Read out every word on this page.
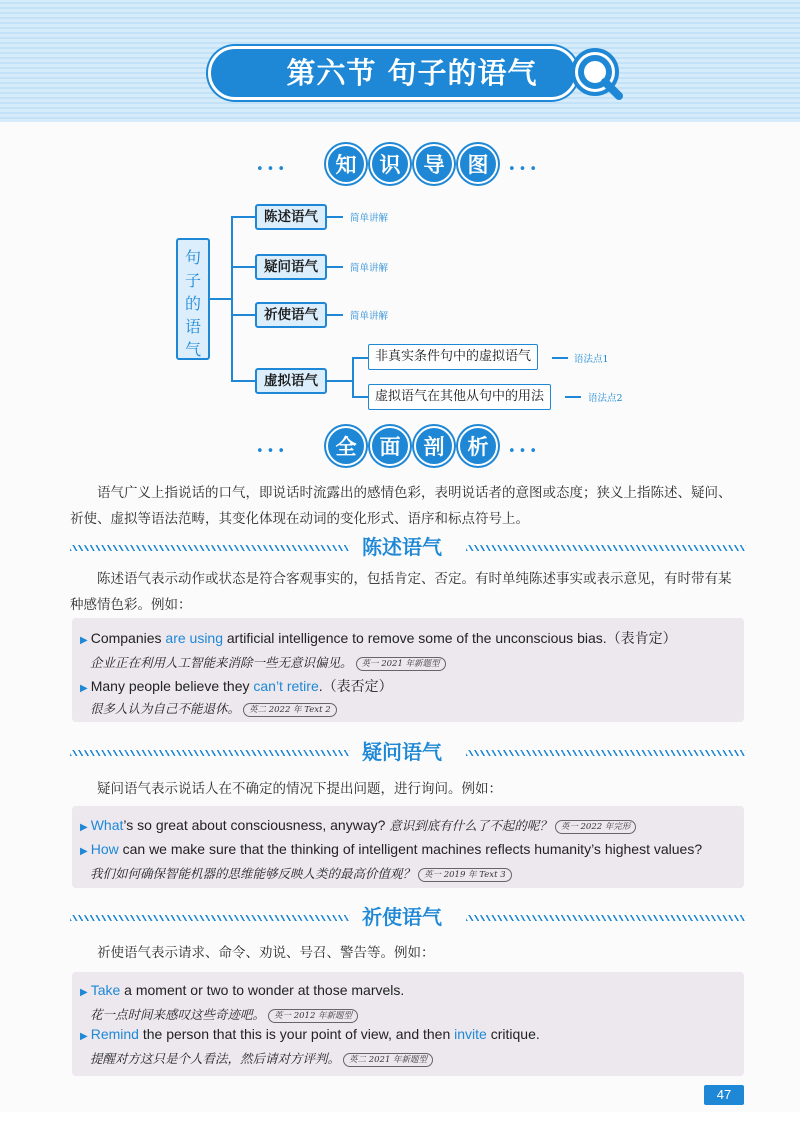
第六节 句子的语气
•••	知	识	导	图	•••
句
子
的
语
气
陈述语气	简单讲解
疑问语气	简单讲解
祈使语气	简单讲解
虚拟语气
非真实条件句中的虚拟语气	语法点1
虚拟语气在其他从句中的用法	语法点2
•••	全	面	剖	析	•••
语气广义上指说话的口气，即说话时流露出的感情色彩，表明说话者的意图或态度；狭义上指陈述、疑问、祈使、虚拟等语法范畴，其变化体现在动词的变化形式、语序和标点符号上。
陈述语气
陈述语气表示动作或状态是符合客观事实的，包括肯定、否定。有时单纯陈述事实或表示意见，有时带有某种感情色彩。例如：
▶ Companies are using artificial intelligence to remove some of the unconscious bias.（表肯定）
企业正在利用人工智能来消除一些无意识偏见。 英一 2021 年新题型
▶ Many people believe they can’t retire.（表否定）
很多人认为自己不能退休。 英二 2022 年 Text 2
疑问语气
疑问语气表示说话人在不确定的情况下提出问题，进行询问。例如：
▶ What’s so great about consciousness, anyway? 意识到底有什么了不起的呢？ 英一 2022 年完形
▶ How can we make sure that the thinking of intelligent machines reflects humanity’s highest values?
我们如何确保智能机器的思维能够反映人类的最高价值观？ 英一 2019 年 Text 3
祈使语气
祈使语气表示请求、命令、劝说、号召、警告等。例如：
▶ Take a moment or two to wonder at those marvels.
花一点时间来感叹这些奇迹吧。 英一 2012 年新题型
▶ Remind the person that this is your point of view, and then invite critique.
提醒对方这只是个人看法，然后请对方评判。 英二 2021 年新题型
47
